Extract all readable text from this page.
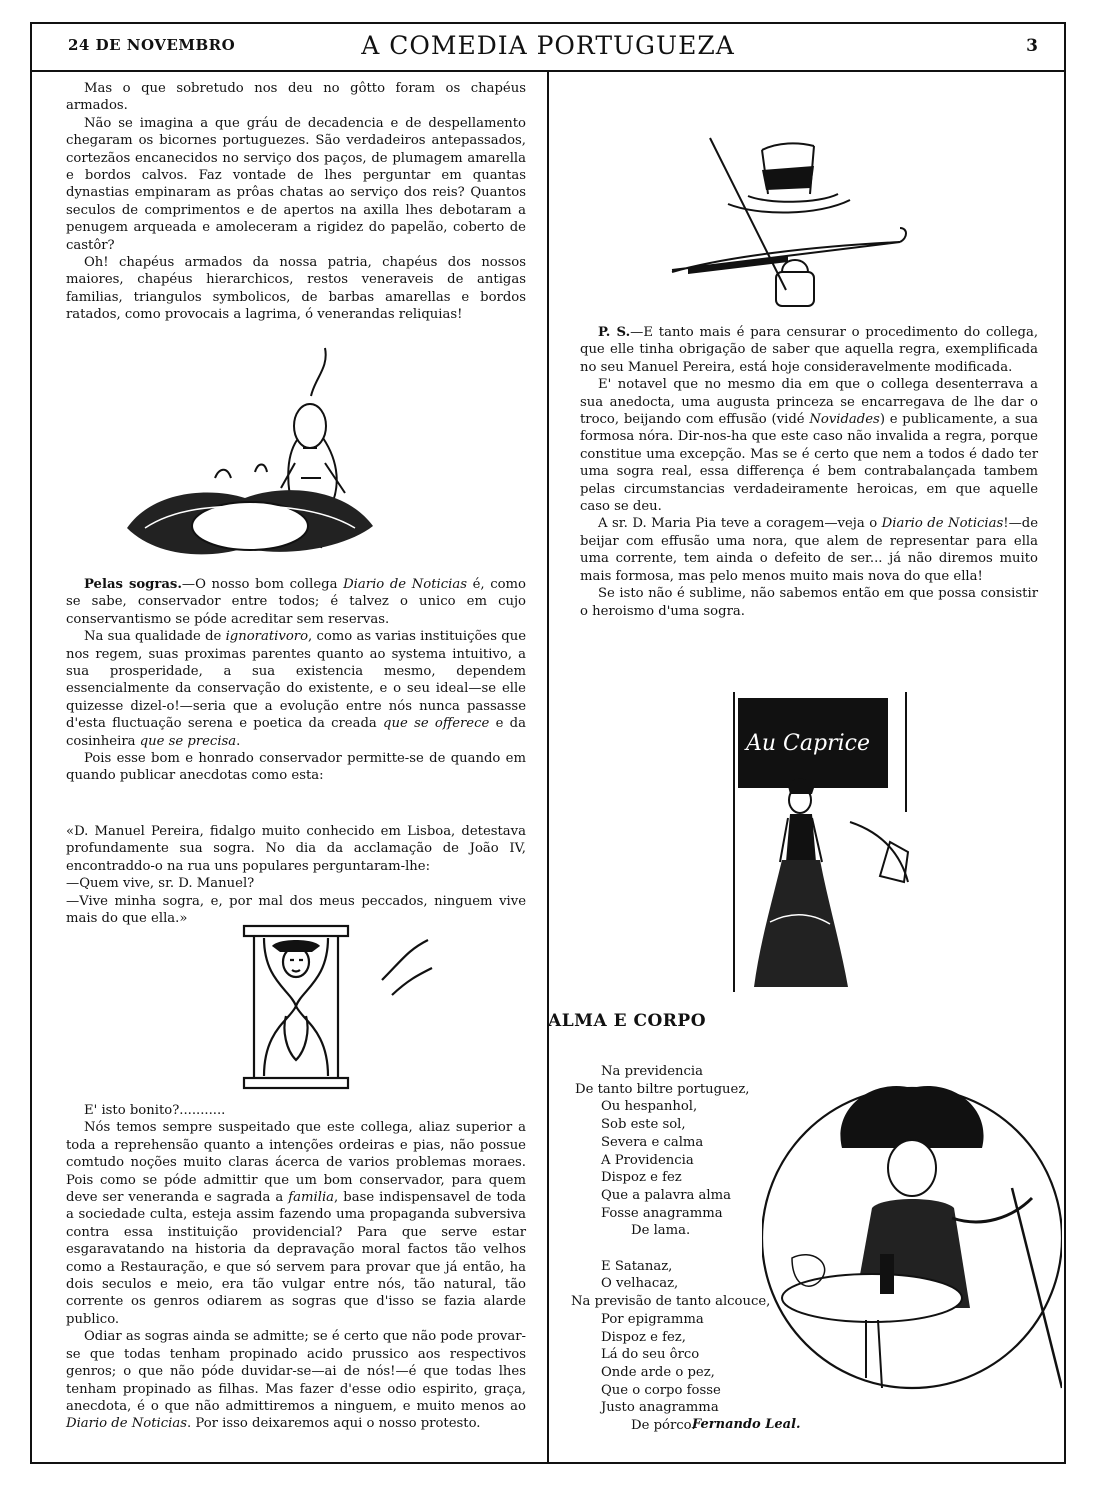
24 DE NOVEMBRO	A COMEDIA PORTUGUEZA	3

Mas o que sobretudo nos deu no gôtto foram os chapéus armados.

Não se imagina a que gráu de decadencia e de despellamento chegaram os bicornes portuguezes. São verdadeiros antepassados, cortezãos encanecidos no serviço dos paços, de plumagem amarella e bordos calvos. Faz vontade de lhes perguntar em quantas dynastias empinaram as prôas chatas ao serviço dos reis? Quantos seculos de comprimentos e de apertos na axilla lhes debotaram a penugem arqueada e amoleceram a rigidez do papelão, coberto de castôr?

Oh! chapéus armados da nossa patria, chapéus dos nossos maiores, chapéus hierarchicos, restos veneraveis de antigas familias, triangulos symbolicos, de barbas amarellas e bordos ratados, como provocais a lagrima, ó venerandas reliquias!

Pelas sogras.—O nosso bom collega Diario de Noticias é, como se sabe, conservador entre todos; é talvez o unico em cujo conservantismo se póde acreditar sem reservas.

Na sua qualidade de ignorativoro, como as varias instituições que nos regem, suas proximas parentes quanto ao systema intuitivo, a sua prosperidade, a sua existencia mesmo, dependem essencialmente da conservação do existente, e o seu ideal—se elle quizesse dizel-o!—seria que a evolução entre nós nunca passasse d'esta fluctuação serena e poetica da creada que se offerece e da cosinheira que se precisa.

Pois esse bom e honrado conservador permitte-se de quando em quando publicar anecdotas como esta:

«D. Manuel Pereira, fidalgo muito conhecido em Lisboa, detestava profundamente sua sogra. No dia da acclamação de João IV, encontraddo-o na rua uns populares perguntaram-lhe:

—Quem vive, sr. D. Manuel?

—Vive minha sogra, e, por mal dos meus peccados, ninguem vive mais do que ella.»

E' isto bonito?...........

Nós temos sempre suspeitado que este collega, aliaz superior a toda a reprehensão quanto a intenções ordeiras e pias, não possue comtudo noções muito claras ácerca de varios problemas moraes. Pois como se póde admittir que um bom conservador, para quem deve ser veneranda e sagrada a familia, base indispensavel de toda a sociedade culta, esteja assim fazendo uma propaganda subversiva contra essa instituição providencial? Para que serve estar esgaravatando na historia da depravação moral factos tão velhos como a Restauração, e que só servem para provar que já então, ha dois seculos e meio, era tão vulgar entre nós, tão natural, tão corrente os genros odiarem as sogras que d'isso se fazia alarde publico.

Odiar as sogras ainda se admitte; se é certo que não pode provar-se que todas tenham propinado acido prussico aos respectivos genros; o que não póde duvidar-se—ai de nós!—é que todas lhes tenham propinado as filhas. Mas fazer d'esse odio espirito, graça, anecdota, é o que não admittiremos a ninguem, e muito menos ao Diario de Noticias. Por isso deixaremos aqui o nosso protesto.

P. S.—E tanto mais é para censurar o procedimento do collega, que elle tinha obrigação de saber que aquella regra, exemplificada no seu Manuel Pereira, está hoje consideravelmente modificada.

E' notavel que no mesmo dia em que o collega desenterrava a sua anedocta, uma augusta princeza se encarregava de lhe dar o troco, beijando com effusão (vidé Novidades) e publicamente, a sua formosa nóra. Dir-nos-ha que este caso não invalida a regra, porque constitue uma excepção. Mas se é certo que nem a todos é dado ter uma sogra real, essa differença é bem contrabalançada tambem pelas circumstancias verdadeiramente heroicas, em que aquelle caso se deu.

A sr. D. Maria Pia teve a coragem—veja o Diario de Noticias!—de beijar com effusão uma nora, que alem de representar para ella uma corrente, tem ainda o defeito de ser... já não diremos muito mais formosa, mas pelo menos muito mais nova do que ella!

Se isto não é sublime, não sabemos então em que possa consistir o heroismo d'uma sogra.

Au Caprice
ALMA E CORPO
Na previdencia
De tanto biltre portuguez,
Ou hespanhol,
Sob este sol,
Severa e calma
A Providencia
Dispoz e fez
Que a palavra alma
Fosse anagramma
De lama.
E Satanaz,
O velhacaz,
Na previsão de tanto alcouce,
Por epigramma
Dispoz e fez,
Lá do seu ôrco
Onde arde o pez,
Que o corpo fosse
Justo anagramma
De pórco.
Fernando Leal.
